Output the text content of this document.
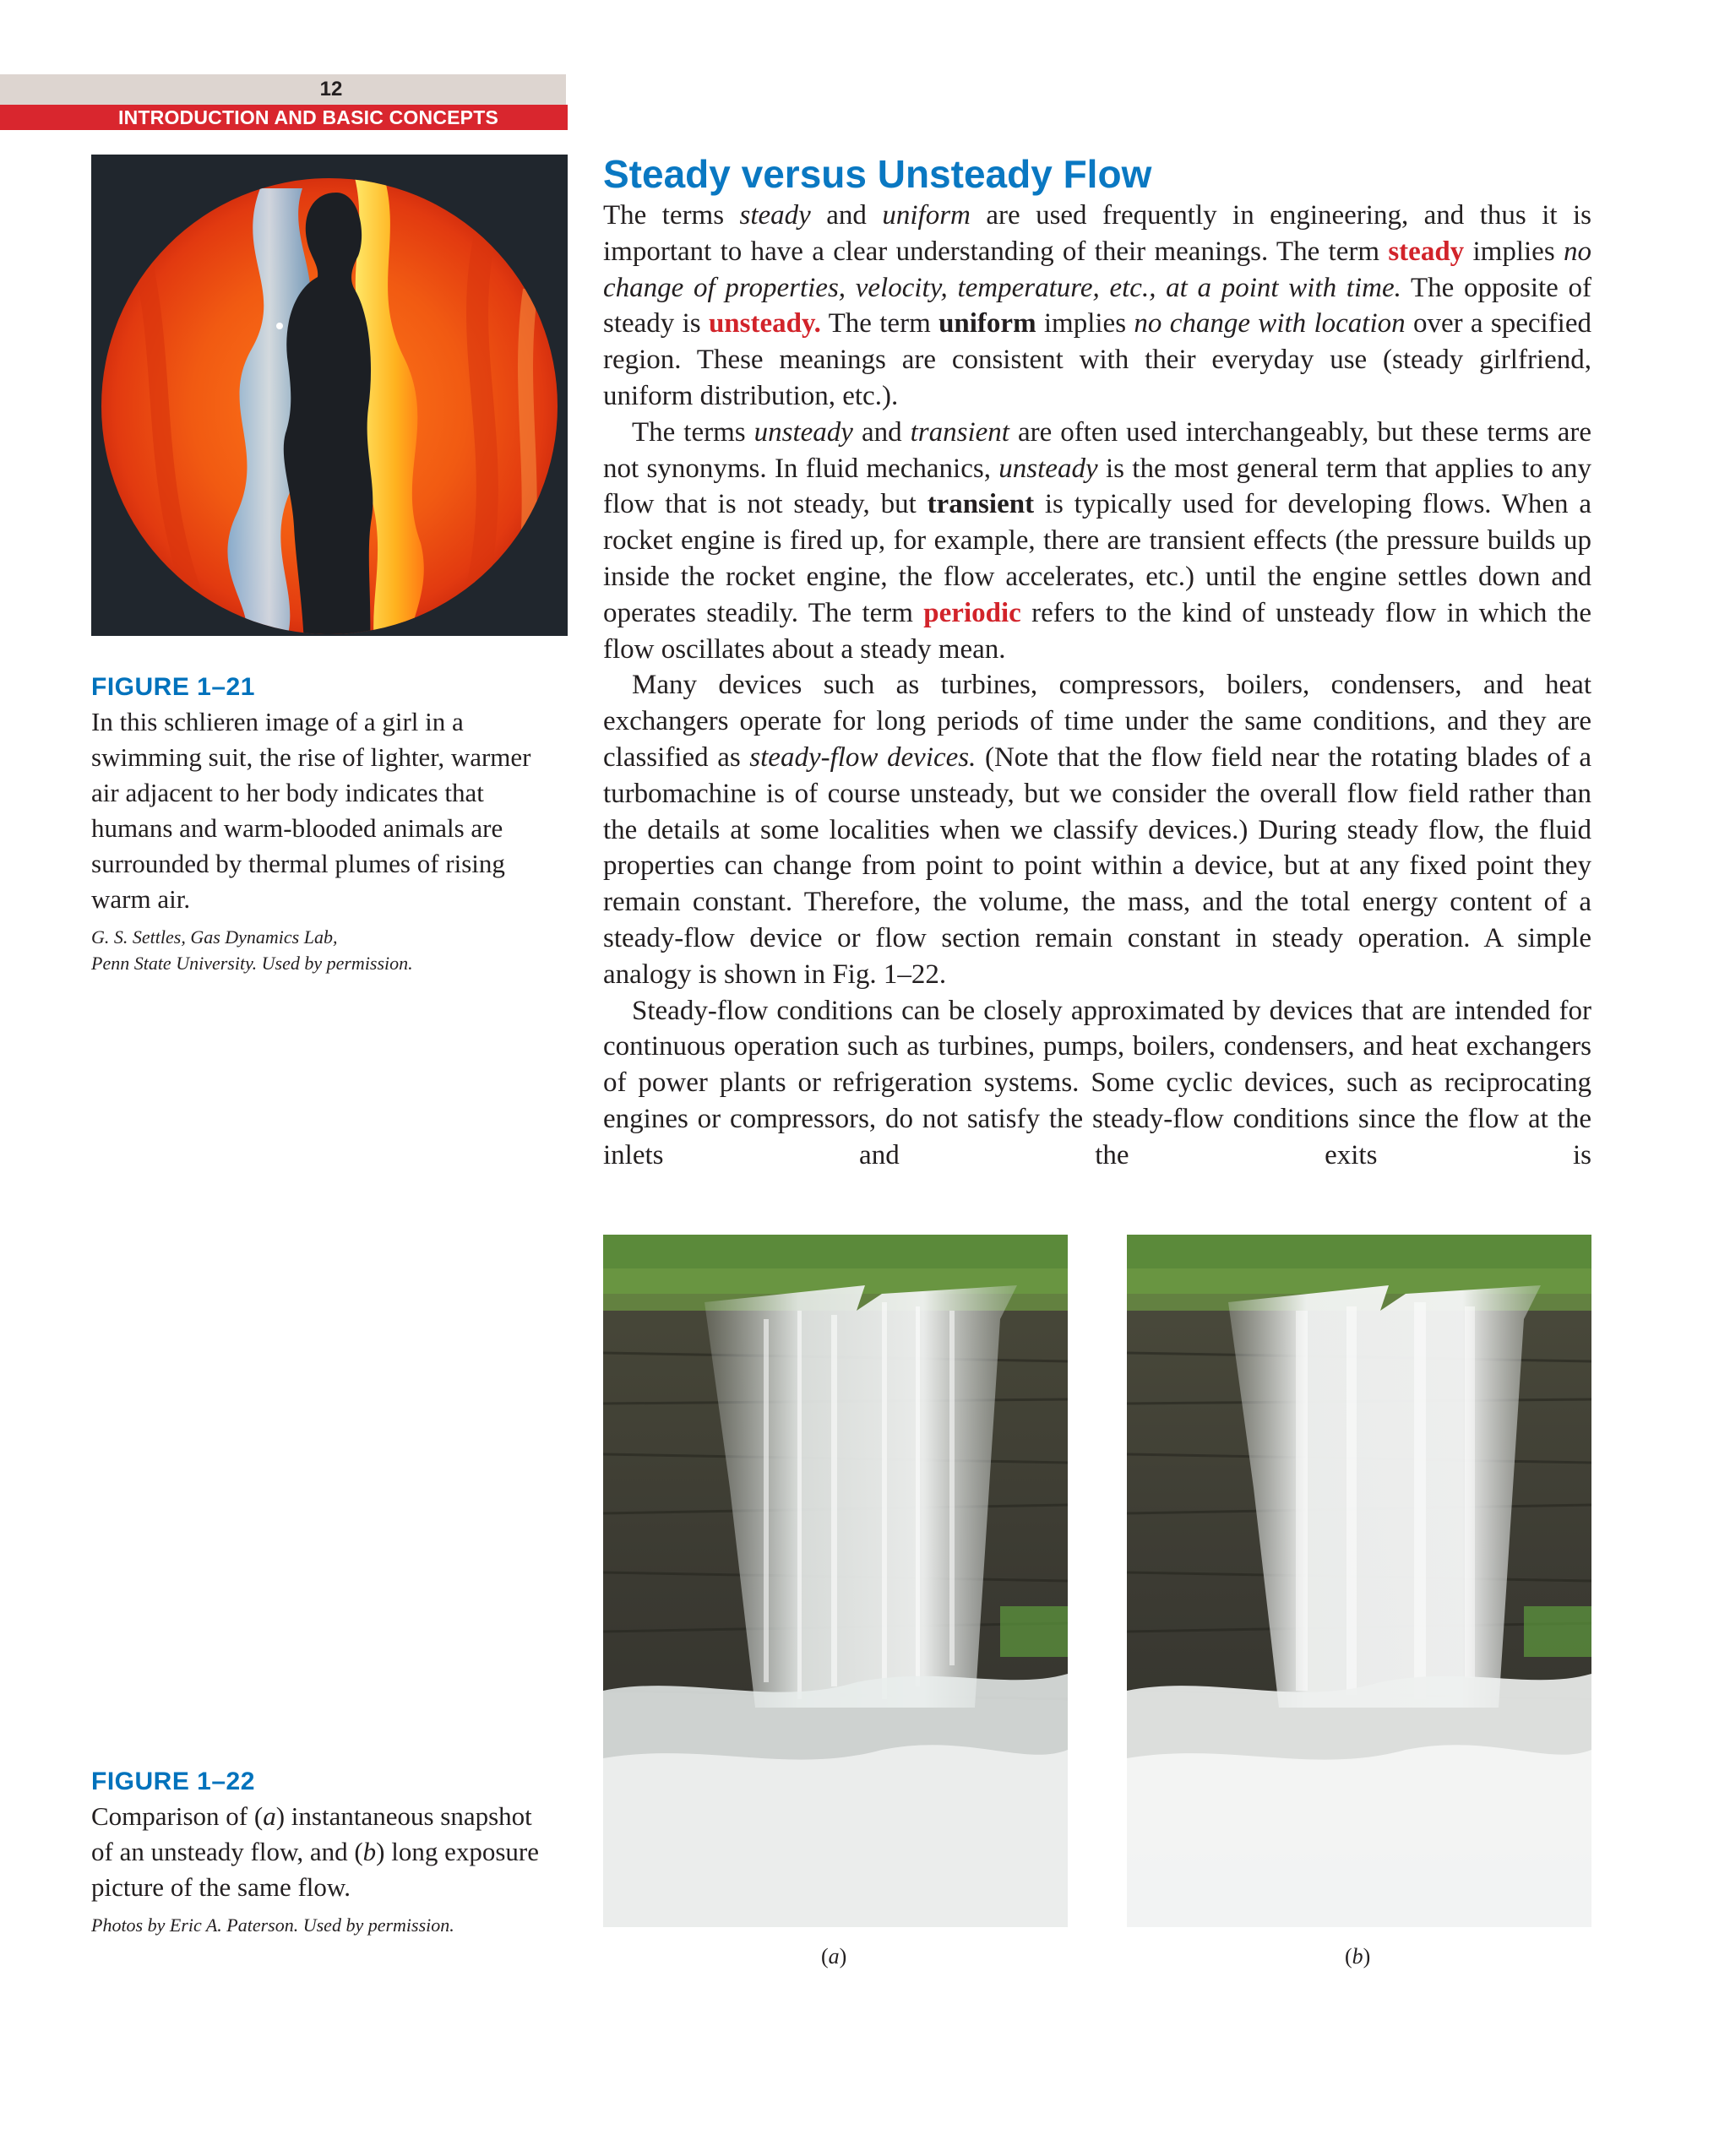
12
INTRODUCTION AND BASIC CONCEPTS
FIGURE 1–21
In this schlieren image of a girl in a swimming suit, the rise of lighter, warmer air adjacent to her body indicates that humans and warm-blooded animals are surrounded by thermal plumes of rising warm air.
G. S. Settles, Gas Dynamics Lab,
Penn State University. Used by permission.
Steady versus Unsteady Flow

The terms steady and uniform are used frequently in engineering, and thus it is important to have a clear understanding of their meanings. The term steady implies no change of properties, velocity, temperature, etc., at a point with time. The opposite of steady is unsteady. The term uniform implies no change with location over a specified region. These meanings are consistent with their everyday use (steady girlfriend, uniform distribution, etc.).

The terms unsteady and transient are often used interchangeably, but these terms are not synonyms. In fluid mechanics, unsteady is the most general term that applies to any flow that is not steady, but transient is typically used for developing flows. When a rocket engine is fired up, for example, there are transient effects (the pressure builds up inside the rocket engine, the flow accelerates, etc.) until the engine settles down and operates steadily. The term periodic refers to the kind of unsteady flow in which the flow oscillates about a steady mean.

Many devices such as turbines, compressors, boilers, condensers, and heat exchangers operate for long periods of time under the same conditions, and they are classified as steady-flow devices. (Note that the flow field near the rotating blades of a turbomachine is of course unsteady, but we consider the overall flow field rather than the details at some localities when we classify devices.) During steady flow, the fluid properties can change from point to point within a device, but at any fixed point they remain constant. Therefore, the volume, the mass, and the total energy content of a steady-flow device or flow section remain constant in steady operation. A simple analogy is shown in Fig. 1–22.

Steady-flow conditions can be closely approximated by devices that are intended for continuous operation such as turbines, pumps, boilers, condensers, and heat exchangers of power plants or refrigeration systems. Some cyclic devices, such as reciprocating engines or compressors, do not satisfy the steady-flow conditions since the flow at the inlets and the exits is

(a)	(b)
FIGURE 1–22
Comparison of (a) instantaneous snapshot of an unsteady flow, and (b) long exposure picture of the same flow.
Photos by Eric A. Paterson. Used by permission.
